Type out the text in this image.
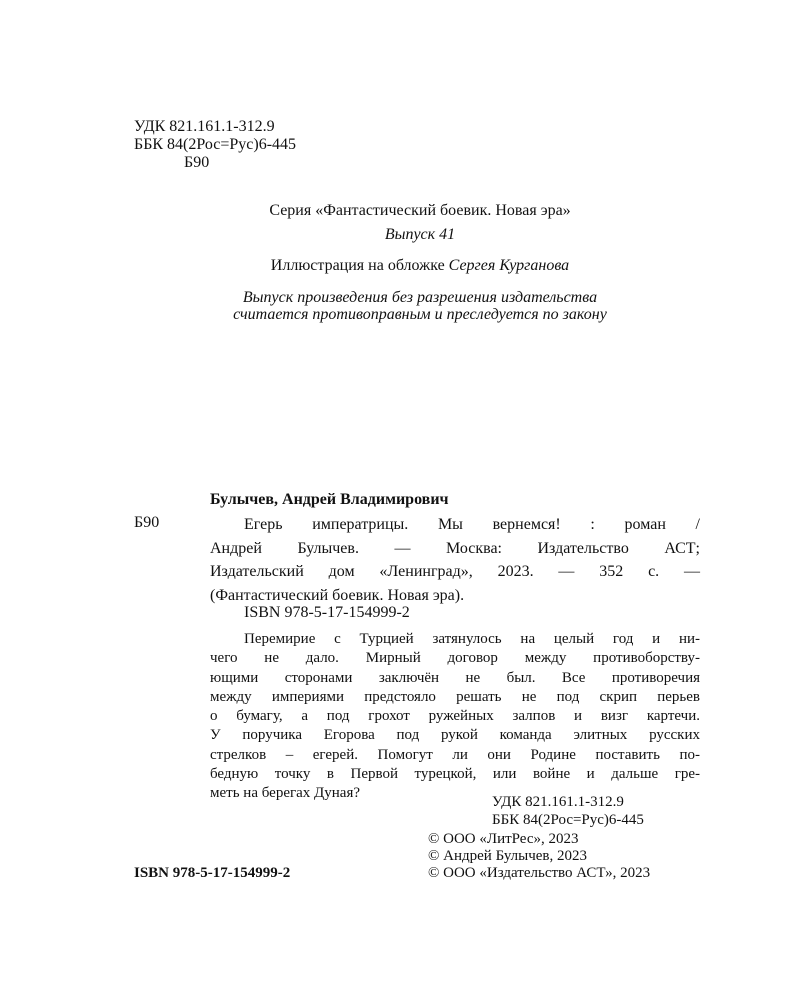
УДК 821.161.1-312.9
ББК 84(2Рос=Рус)6-445
Б90
Серия «Фантастический боевик. Новая эра»
Выпуск 41
Иллюстрация на обложке Сергея Курганова
Выпуск произведения без разрешения издательства
считается противоправным и преследуется по закону
Булычев, Андрей Владимирович
Б90	Егерь императрицы. Мы вернемся! : роман /
Андрей Булычев. — Москва: Издательство АСТ;
Издательский дом «Ленинград», 2023. — 352 с. —
(Фантастический боевик. Новая эра).
ISBN 978-5-17-154999-2
Перемирие с Турцией затянулось на целый год и ни-
чего не дало. Мирный договор между противоборству-
ющими сторонами заключён не был. Все противоречия
между империями предстояло решать не под скрип перьев
о бумагу, а под грохот ружейных залпов и визг картечи.
У поручика Егорова под рукой команда элитных русских
стрелков – егерей. Помогут ли они Родине поставить по-
бедную точку в Первой турецкой, или войне и дальше гре-
меть на берегах Дуная?
УДК 821.161.1-312.9
ББК 84(2Рос=Рус)6-445
ISBN 978-5-17-154999-2
© ООО «ЛитРес», 2023
© Андрей Булычев, 2023
© ООО «Издательство АСТ», 2023
